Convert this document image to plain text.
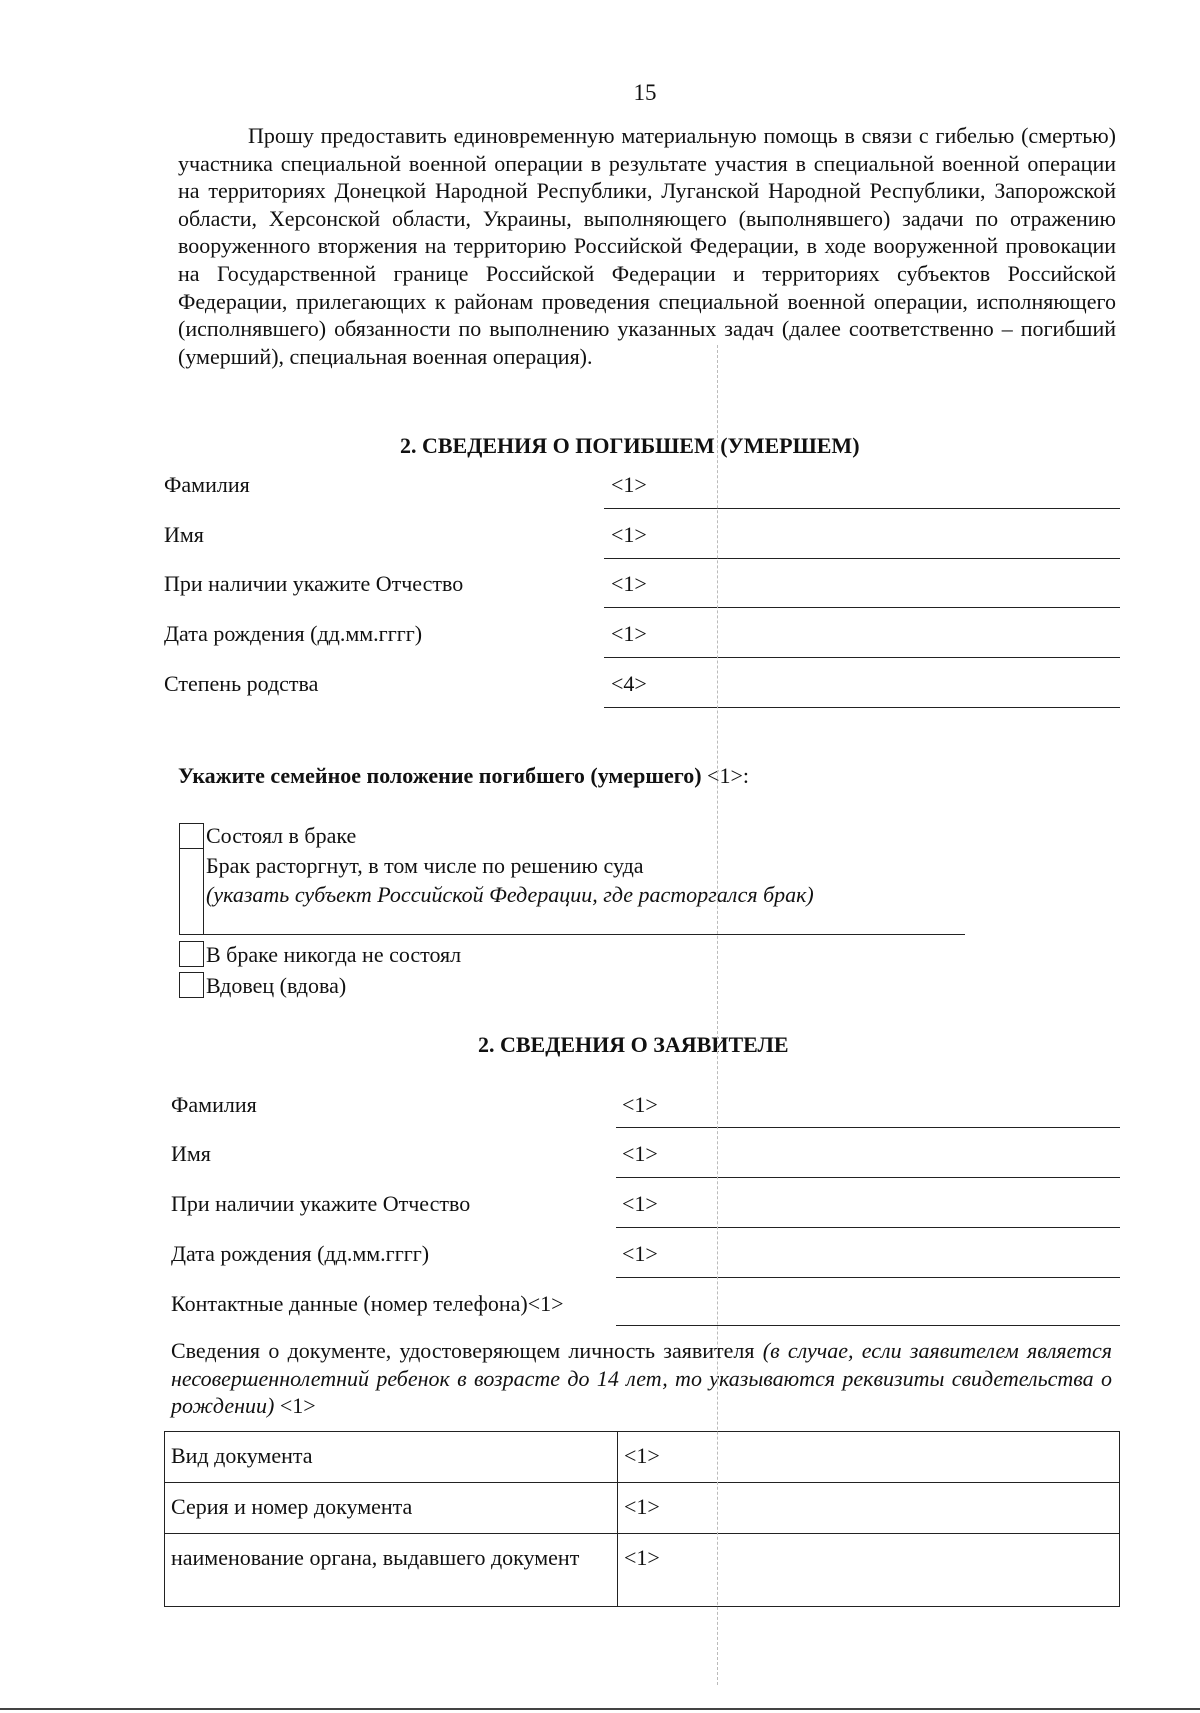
15

Прошу предоставить единовременную материальную помощь в связи с гибелью (смертью) участника специальной военной операции в результате участия в специальной военной операции на территориях Донецкой Народной Республики, Луганской Народной Республики, Запорожской области, Херсонской области, Украины, выполняющего (выполнявшего) задачи по отражению вооруженного вторжения на территорию Российской Федерации, в ходе вооруженной провокации на Государственной границе Российской Федерации и территориях субъектов Российской Федерации, прилегающих к районам проведения специальной военной операции, исполняющего (исполнявшего) обязанности по выполнению указанных задач (далее соответственно – погибший (умерший), специальная военная операция).

2. СВЕДЕНИЯ О ПОГИБШЕМ (УМЕРШЕМ)
Фамилия	<1>
Имя	<1>
При наличии укажите Отчество	<1>
Дата рождения (дд.мм.гггг)	<1>
Степень родства	<4>

Укажите семейное положение погибшего (умершего) <1>:

Состоял в браке
Брак расторгнут, в том числе по решению суда
(указать субъект Российской Федерации, где расторгался брак)
В браке никогда не состоял
Вдовец (вдова)
2. СВЕДЕНИЯ О ЗАЯВИТЕЛЕ
Фамилия	<1>
Имя	<1>
При наличии укажите Отчество	<1>
Дата рождения (дд.мм.гггг)	<1>
Контактные данные (номер телефона)<1>

Сведения о документе, удостоверяющем личность заявителя (в случае, если заявителем является несовершеннолетний ребенок в возрасте до 14 лет, то указываются реквизиты свидетельства о рождении) <1>

Вид документа	<1>
Серия и номер документа	<1>
наименование органа, выдавшего документ	<1>
